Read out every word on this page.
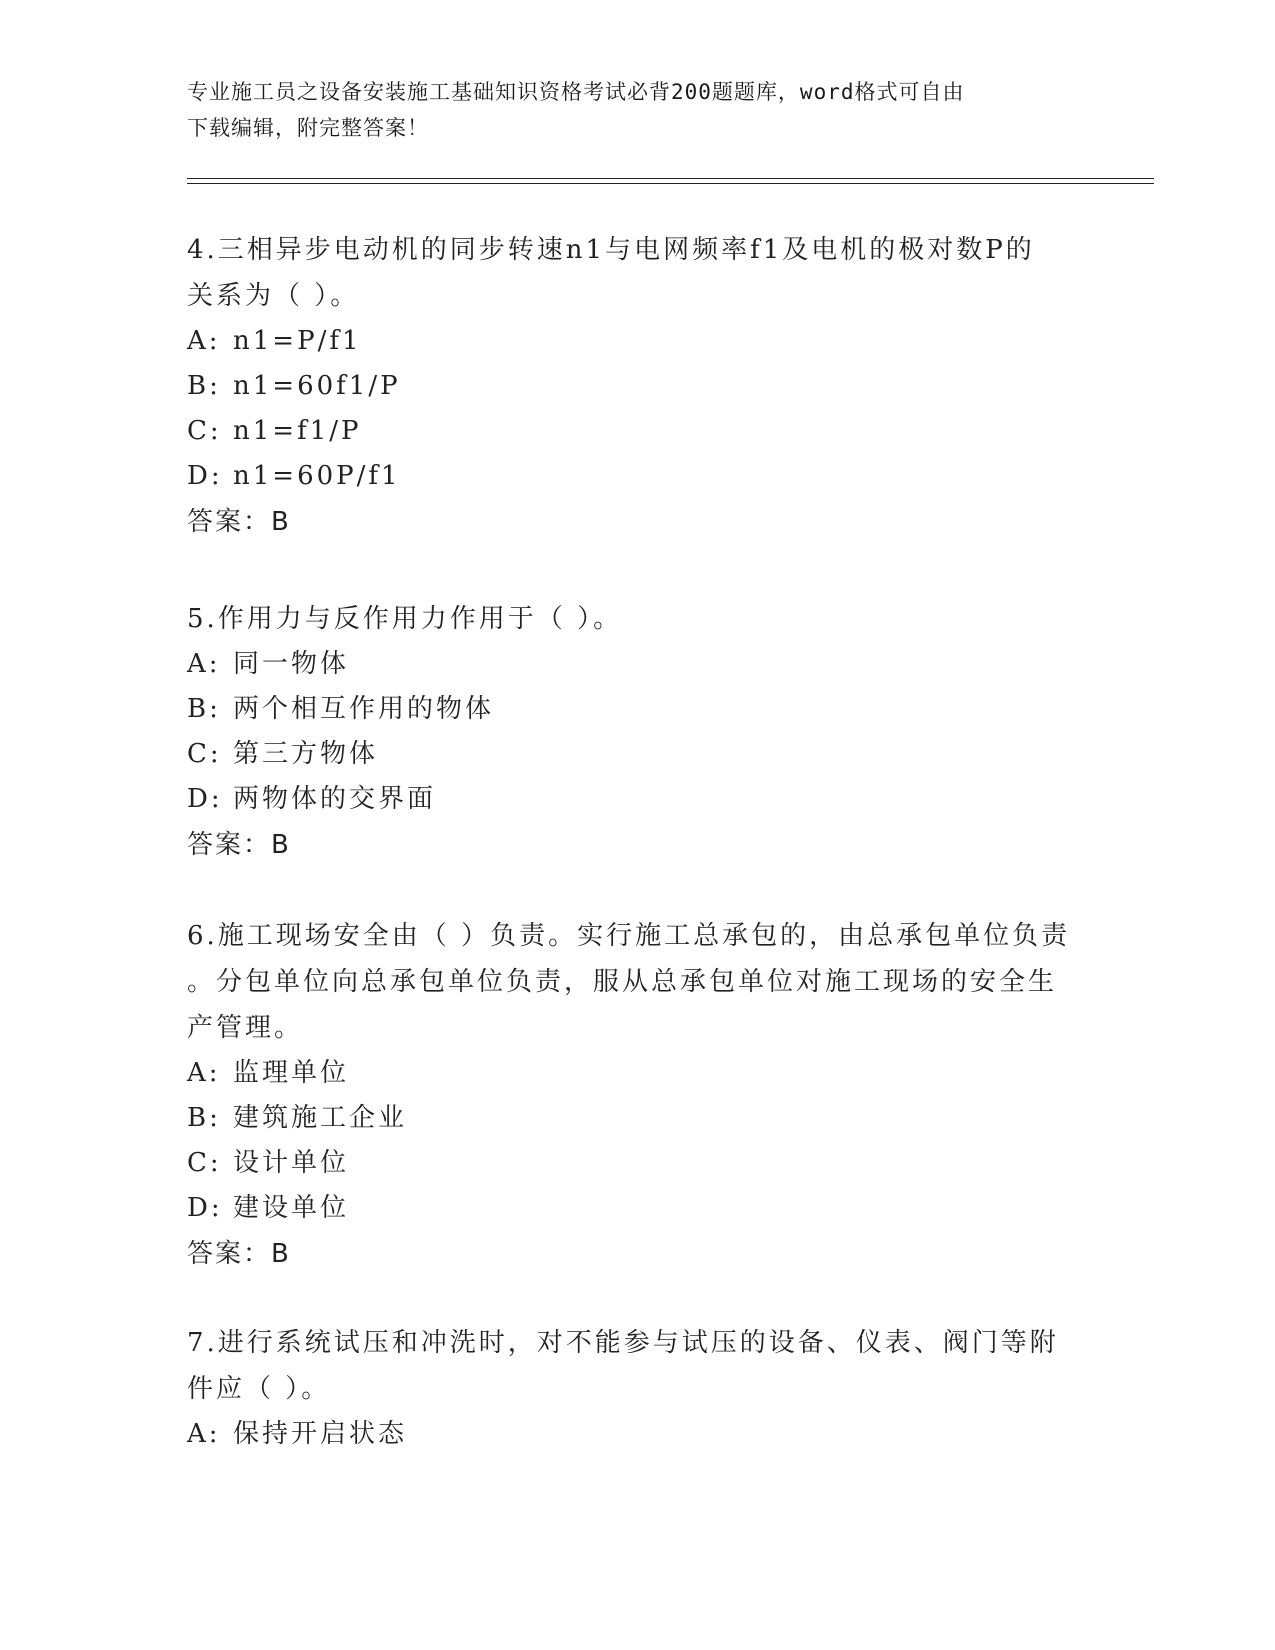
专业施工员之设备安装施工基础知识资格考试必背200题题库，word格式可自由
下载编辑，附完整答案！

4.三相异步电动机的同步转速n1与电网频率f1及电机的极对数P的

关系为（ ）。

A: n1=P/f1

B: n1=60f1/P

C: n1=f1/P

D: n1=60P/f1

答案：B

5.作用力与反作用力作用于（ ）。

A: 同一物体

B: 两个相互作用的物体

C: 第三方物体

D: 两物体的交界面

答案：B

6.施工现场安全由（ ）负责。实行施工总承包的，由总承包单位负责

。分包单位向总承包单位负责，服从总承包单位对施工现场的安全生

产管理。

A: 监理单位

B: 建筑施工企业

C: 设计单位

D: 建设单位

答案：B

7.进行系统试压和冲洗时，对不能参与试压的设备、仪表、阀门等附

件应（ ）。

A: 保持开启状态
